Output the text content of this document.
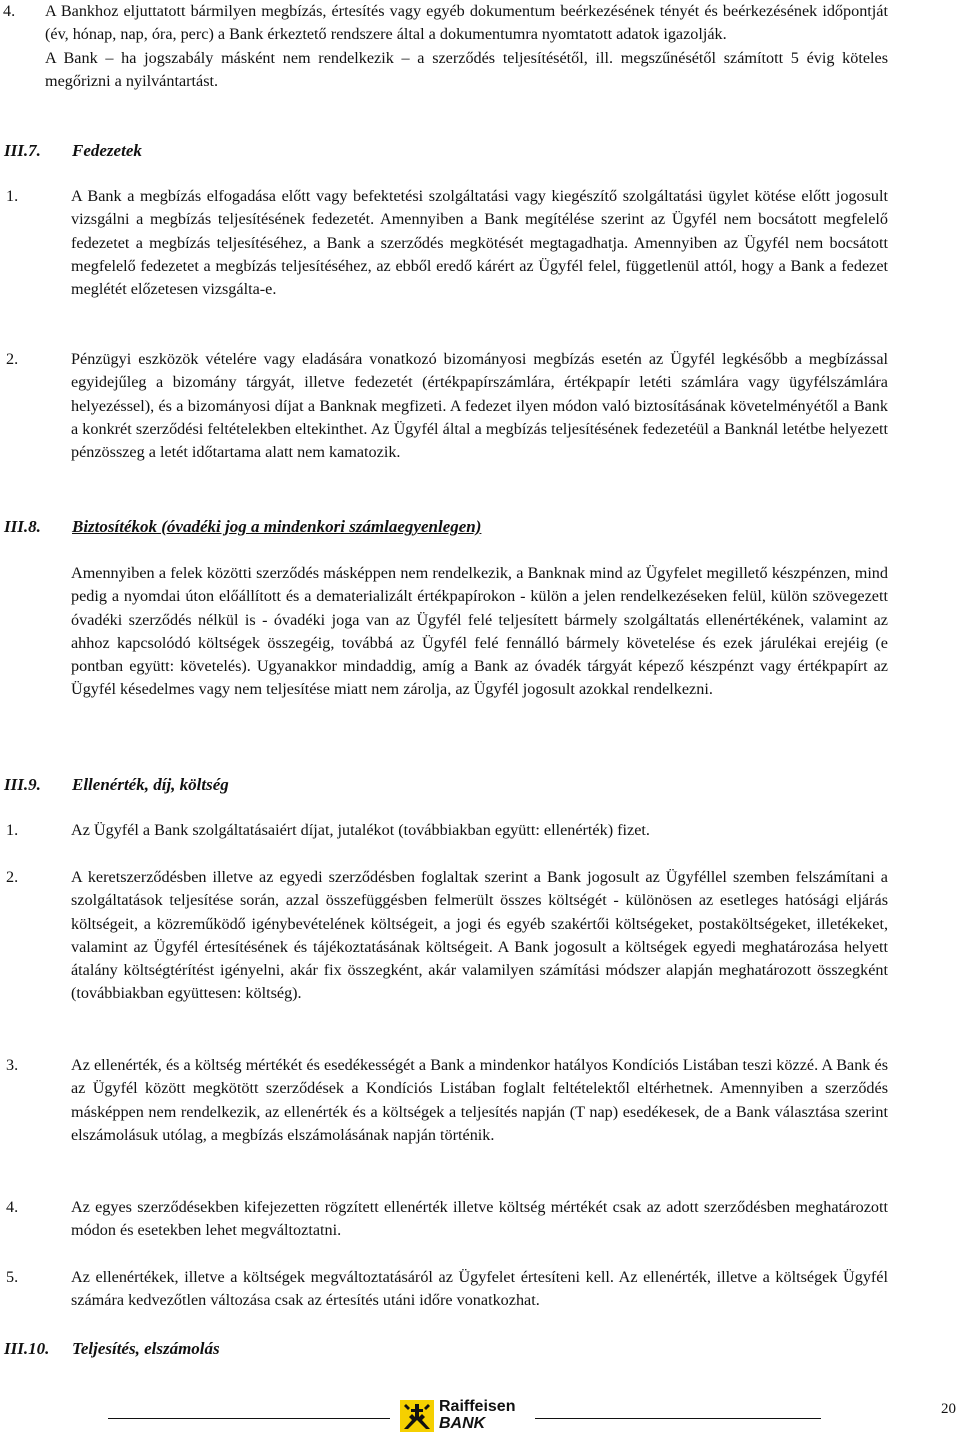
4. A Bankhoz eljuttatott bármilyen megbízás, értesítés vagy egyéb dokumentum beérkezésének tényét és beérkezésének időpontját (év, hónap, nap, óra, perc) a Bank érkeztető rendszere által a dokumentumra nyomtatott adatok igazolják.
A Bank – ha jogszabály másként nem rendelkezik – a szerződés teljesítésétől, ill. megszűnésétől számított 5 évig köteles megőrizni a nyilvántartást.
III.7. Fedezetek
1.	A Bank a megbízás elfogadása előtt vagy befektetési szolgáltatási vagy kiegészítő szolgáltatási ügylet kötése előtt jogosult vizsgálni a megbízás teljesítésének fedezetét. Amennyiben a Bank megítélése szerint az Ügyfél nem bocsátott megfelelő fedezetet a megbízás teljesítéséhez, a Bank a szerződés megkötését megtagadhatja. Amennyiben az Ügyfél nem bocsátott megfelelő fedezetet a megbízás teljesítéséhez, az ebből eredő kárért az Ügyfél felel, függetlenül attól, hogy a Bank a fedezet meglétét előzetesen vizsgálta-e.
2.	Pénzügyi eszközök vételére vagy eladására vonatkozó bizományosi megbízás esetén az Ügyfél legkésőbb a megbízással egyidejűleg a bizomány tárgyát, illetve fedezetét (értékpapírszámlára, értékpapír letéti számlára vagy ügyfélszámlára helyezéssel), és a bizományosi díjat a Banknak megfizeti. A fedezet ilyen módon való biztosításának követelményétől a Bank a konkrét szerződési feltételekben eltekinthet. Az Ügyfél által a megbízás teljesítésének fedezetéül a Banknál letétbe helyezett pénzösszeg a letét időtartama alatt nem kamatozik.
III.8. Biztosítékok (óvadéki jog a mindenkori számlaegyenlegen)
Amennyiben a felek közötti szerződés másképpen nem rendelkezik, a Banknak mind az Ügyfelet megillető készpénzen, mind pedig a nyomdai úton előállított és a dematerializált értékpapírokon - külön a jelen rendelkezéseken felül, külön szövegezett óvadéki szerződés nélkül is - óvadéki joga van az Ügyfél felé teljesített bármely szolgáltatás ellenértékének, valamint az ahhoz kapcsolódó költségek összegéig, továbbá az Ügyfél felé fennálló bármely követelése és ezek járulékai erejéig (e pontban együtt: követelés). Ugyanakkor mindaddig, amíg a Bank az óvadék tárgyát képező készpénzt vagy értékpapírt az Ügyfél késedelmes vagy nem teljesítése miatt nem zárolja, az Ügyfél jogosult azokkal rendelkezni.
III.9. Ellenérték, díj, költség
1.	Az Ügyfél a Bank szolgáltatásaiért díjat, jutalékot (továbbiakban együtt: ellenérték) fizet.
2.	A keretszerződésben illetve az egyedi szerződésben foglaltak szerint a Bank jogosult az Ügyféllel szemben felszámítani a szolgáltatások teljesítése során, azzal összefüggésben felmerült összes költségét - különösen az esetleges hatósági eljárás költségeit, a közreműködő igénybevételének költségeit, a jogi és egyéb szakértői költségeket, postaköltségeket, illetékeket, valamint az Ügyfél értesítésének és tájékoztatásának költségeit. A Bank jogosult a költségek egyedi meghatározása helyett átalány költségtérítést igényelni, akár fix összegként, akár valamilyen számítási módszer alapján meghatározott összegként (továbbiakban együttesen: költség).
3.	Az ellenérték, és a költség mértékét és esedékességét a Bank a mindenkor hatályos Kondíciós Listában teszi közzé. A Bank és az Ügyfél között megkötött szerződések a Kondíciós Listában foglalt feltételektől eltérhetnek. Amennyiben a szerződés másképpen nem rendelkezik, az ellenérték és a költségek a teljesítés napján (T nap) esedékesek, de a Bank választása szerint elszámolásuk utólag, a megbízás elszámolásának napján történik.
4.	Az egyes szerződésekben kifejezetten rögzített ellenérték illetve költség mértékét csak az adott szerződésben meghatározott módon és esetekben lehet megváltoztatni.
5.	Az ellenértékek, illetve a költségek megváltoztatásáról az Ügyfelet értesíteni kell. Az ellenérték, illetve a költségek Ügyfél számára kedvezőtlen változása csak az értesítés utáni időre vonatkozhat.
III.10. Teljesítés, elszámolás
Raiffeisen
BANK
20
